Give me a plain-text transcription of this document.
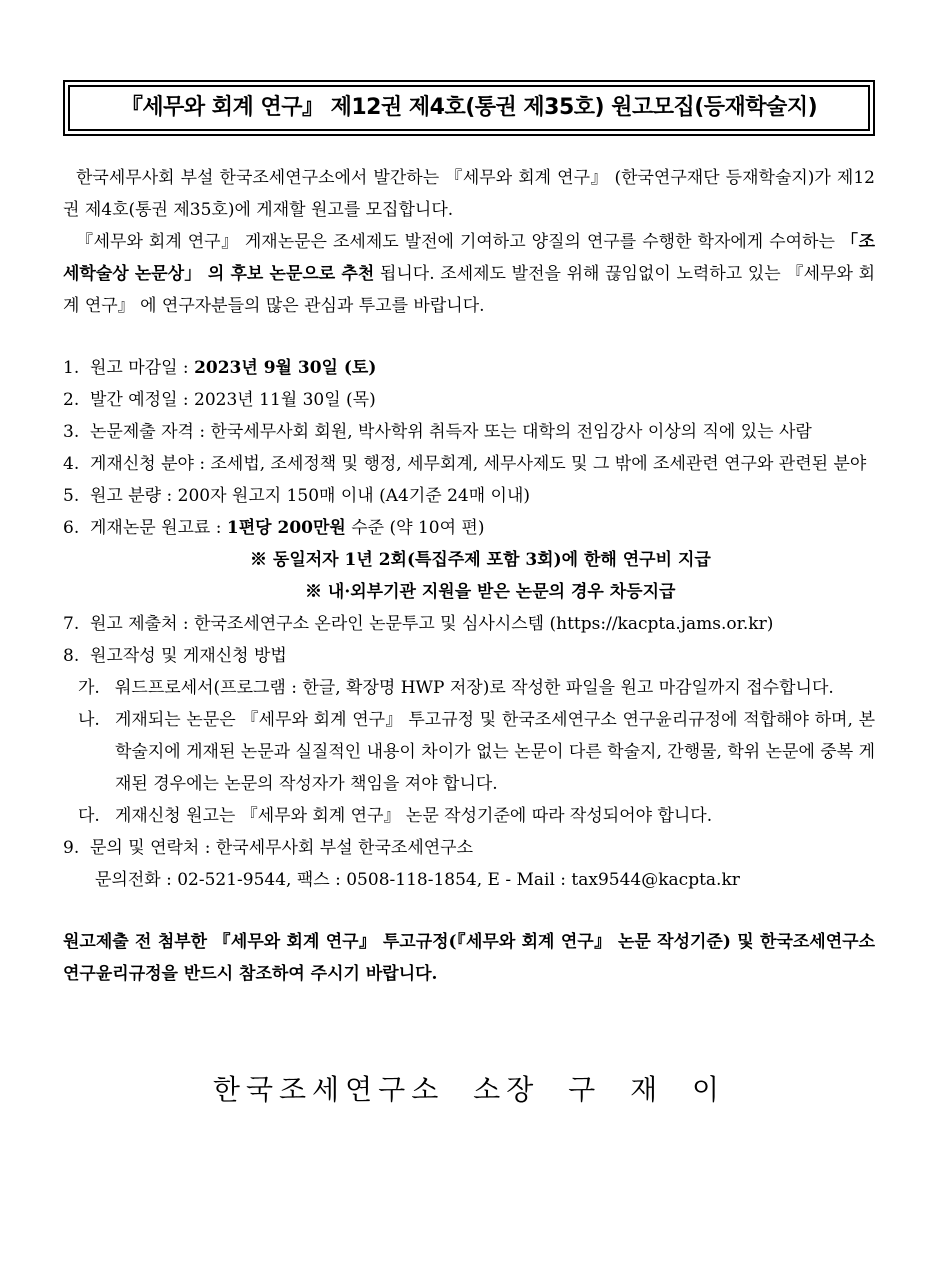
『세무와 회계 연구』 제12권 제4호(통권 제35호) 원고모집(등재학술지)

한국세무사회 부설 한국조세연구소에서 발간하는 『세무와 회계 연구』 (한국연구재단 등재학술지)가 제12권 제4호(통권 제35호)에 게재할 원고를 모집합니다.

『세무와 회계 연구』 게재논문은 조세제도 발전에 기여하고 양질의 연구를 수행한 학자에게 수여하는 「조세학술상 논문상」 의 후보 논문으로 추천 됩니다. 조세제도 발전을 위해 끊임없이 노력하고 있는 『세무와 회계 연구』 에 연구자분들의 많은 관심과 투고를 바랍니다.

1. 원고 마감일 : 2023년 9월 30일 (토)
2. 발간 예정일 : 2023년 11월 30일 (목)
3. 논문제출 자격 : 한국세무사회 회원, 박사학위 취득자 또는 대학의 전임강사 이상의 직에 있는 사람
4. 게재신청 분야 : 조세법, 조세정책 및 행정, 세무회계, 세무사제도 및 그 밖에 조세관련 연구와 관련된 분야
5. 원고 분량 : 200자 원고지 150매 이내 (A4기준 24매 이내)
6. 게재논문 원고료 : 1편당 200만원 수준 (약 10여 편)
※ 동일저자 1년 2회(특집주제 포함 3회)에 한해 연구비 지급
※ 내·외부기관 지원을 받은 논문의 경우 차등지급
7. 원고 제출처 : 한국조세연구소 온라인 논문투고 및 심사시스템 (https://kacpta.jams.or.kr)
8. 원고작성 및 게재신청 방법
가. 워드프로세서(프로그램 : 한글, 확장명 HWP 저장)로 작성한 파일을 원고 마감일까지 접수합니다.
나. 게재되는 논문은 『세무와 회계 연구』 투고규정 및 한국조세연구소 연구윤리규정에 적합해야 하며, 본 학술지에 게재된 논문과 실질적인 내용이 차이가 없는 논문이 다른 학술지, 간행물, 학위 논문에 중복 게재된 경우에는 논문의 작성자가 책임을 져야 합니다.
다. 게재신청 원고는 『세무와 회계 연구』 논문 작성기준에 따라 작성되어야 합니다.
9. 문의 및 연락처 : 한국세무사회 부설 한국조세연구소
문의전화 : 02-521-9544, 팩스 : 0508-118-1854, E - Mail : tax9544@kacpta.kr

원고제출 전 첨부한 『세무와 회계 연구』 투고규정(『세무와 회계 연구』 논문 작성기준) 및 한국조세연구소 연구윤리규정을 반드시 참조하여 주시기 바랍니다.

한국조세연구소 소장 구 재 이
